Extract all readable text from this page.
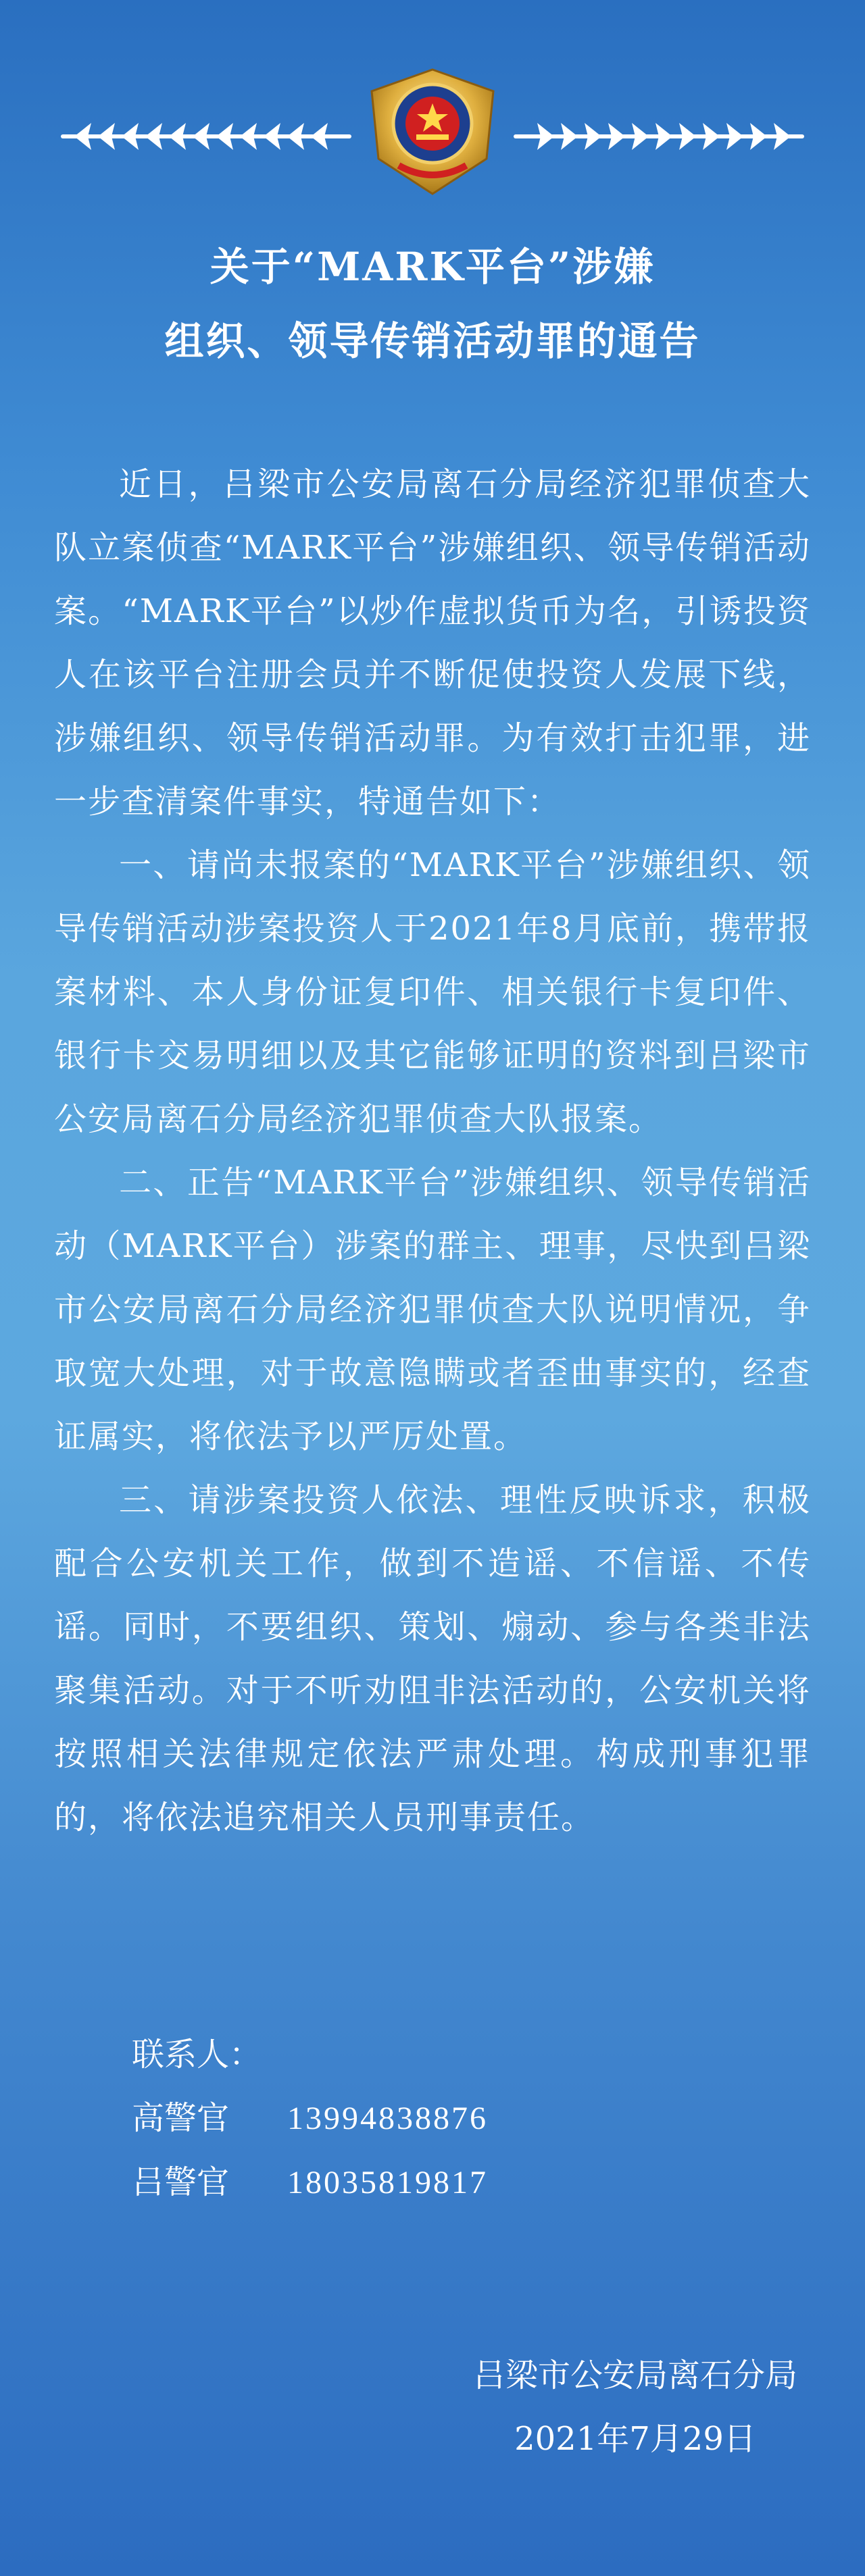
关于“MARK平台”涉嫌
组织、领导传销活动罪的通告

近日，吕梁市公安局离石分局经济犯罪侦查大队立案侦查“MARK平台”涉嫌组织、领导传销活动案。“MARK平台”以炒作虚拟货币为名，引诱投资人在该平台注册会员并不断促使投资人发展下线，涉嫌组织、领导传销活动罪。为有效打击犯罪，进一步查清案件事实，特通告如下：

一、请尚未报案的“MARK平台”涉嫌组织、领导传销活动涉案投资人于2021年8月底前，携带报案材料、本人身份证复印件、相关银行卡复印件、银行卡交易明细以及其它能够证明的资料到吕梁市公安局离石分局经济犯罪侦查大队报案。

二、正告“MARK平台”涉嫌组织、领导传销活动（MARK平台）涉案的群主、理事，尽快到吕梁市公安局离石分局经济犯罪侦查大队说明情况，争取宽大处理，对于故意隐瞒或者歪曲事实的，经查证属实，将依法予以严厉处置。

三、请涉案投资人依法、理性反映诉求，积极配合公安机关工作，做到不造谣、不信谣、不传谣。同时，不要组织、策划、煽动、参与各类非法聚集活动。对于不听劝阻非法活动的，公安机关将按照相关法律规定依法严肃处理。构成刑事犯罪的，将依法追究相关人员刑事责任。

联系人：
高警官 13994838876
吕警官 18035819817
吕梁市公安局离石分局
2021年7月29日
